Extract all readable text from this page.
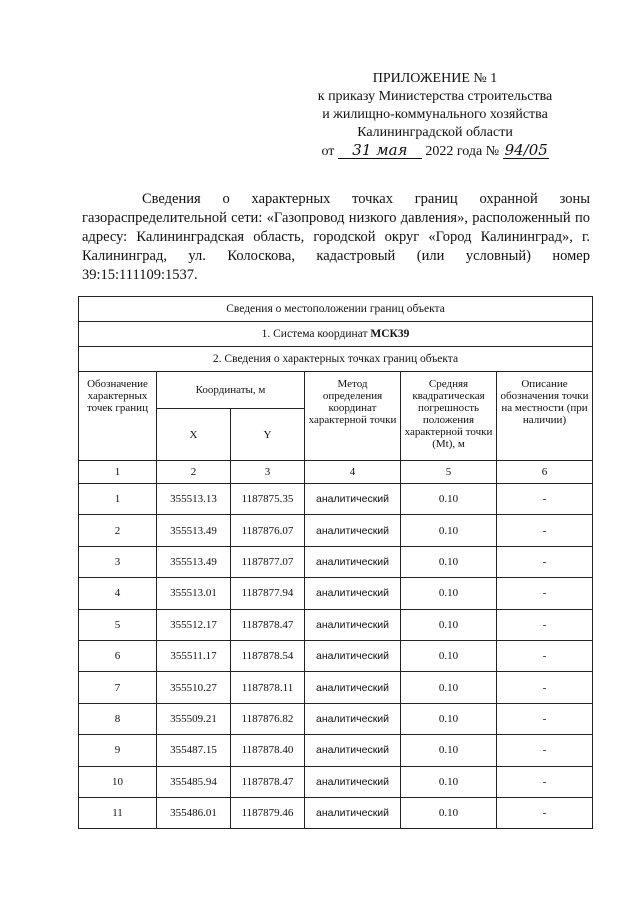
ПРИЛОЖЕНИЕ № 1
к приказу Министерства строительства
и жилищно-коммунального хозяйства
Калининградской области
от 31 мая 2022 года № 94/05
Сведения о характерных точках границ охранной зоны газораспределительной сети: «Газопровод низкого давления», расположенный по адресу: Калининградская область, городской округ «Город Калининград», г. Калининград, ул. Колоскова, кадастровый (или условный) номер 39:15:111109:1537.
Сведения о местоположении границ объекта					
1. Система координат МСК39					
2. Сведения о характерных точках границ объекта					
Обозначение характерных точек границ	Координаты, м		Метод определения координат характерной точки	Средняя квадратическая погрешность положения характерной точки (Mt), м	Описание обозначения точки на местности (при наличии)
	X	Y			
1	2	3	4	5	6
1	355513.13	1187875.35	аналитический	0.10	-
2	355513.49	1187876.07	аналитический	0.10	-
3	355513.49	1187877.07	аналитический	0.10	-
4	355513.01	1187877.94	аналитический	0.10	-
5	355512.17	1187878.47	аналитический	0.10	-
6	355511.17	1187878.54	аналитический	0.10	-
7	355510.27	1187878.11	аналитический	0.10	-
8	355509.21	1187876.82	аналитический	0.10	-
9	355487.15	1187878.40	аналитический	0.10	-
10	355485.94	1187878.47	аналитический	0.10	-
11	355486.01	1187879.46	аналитический	0.10	-
